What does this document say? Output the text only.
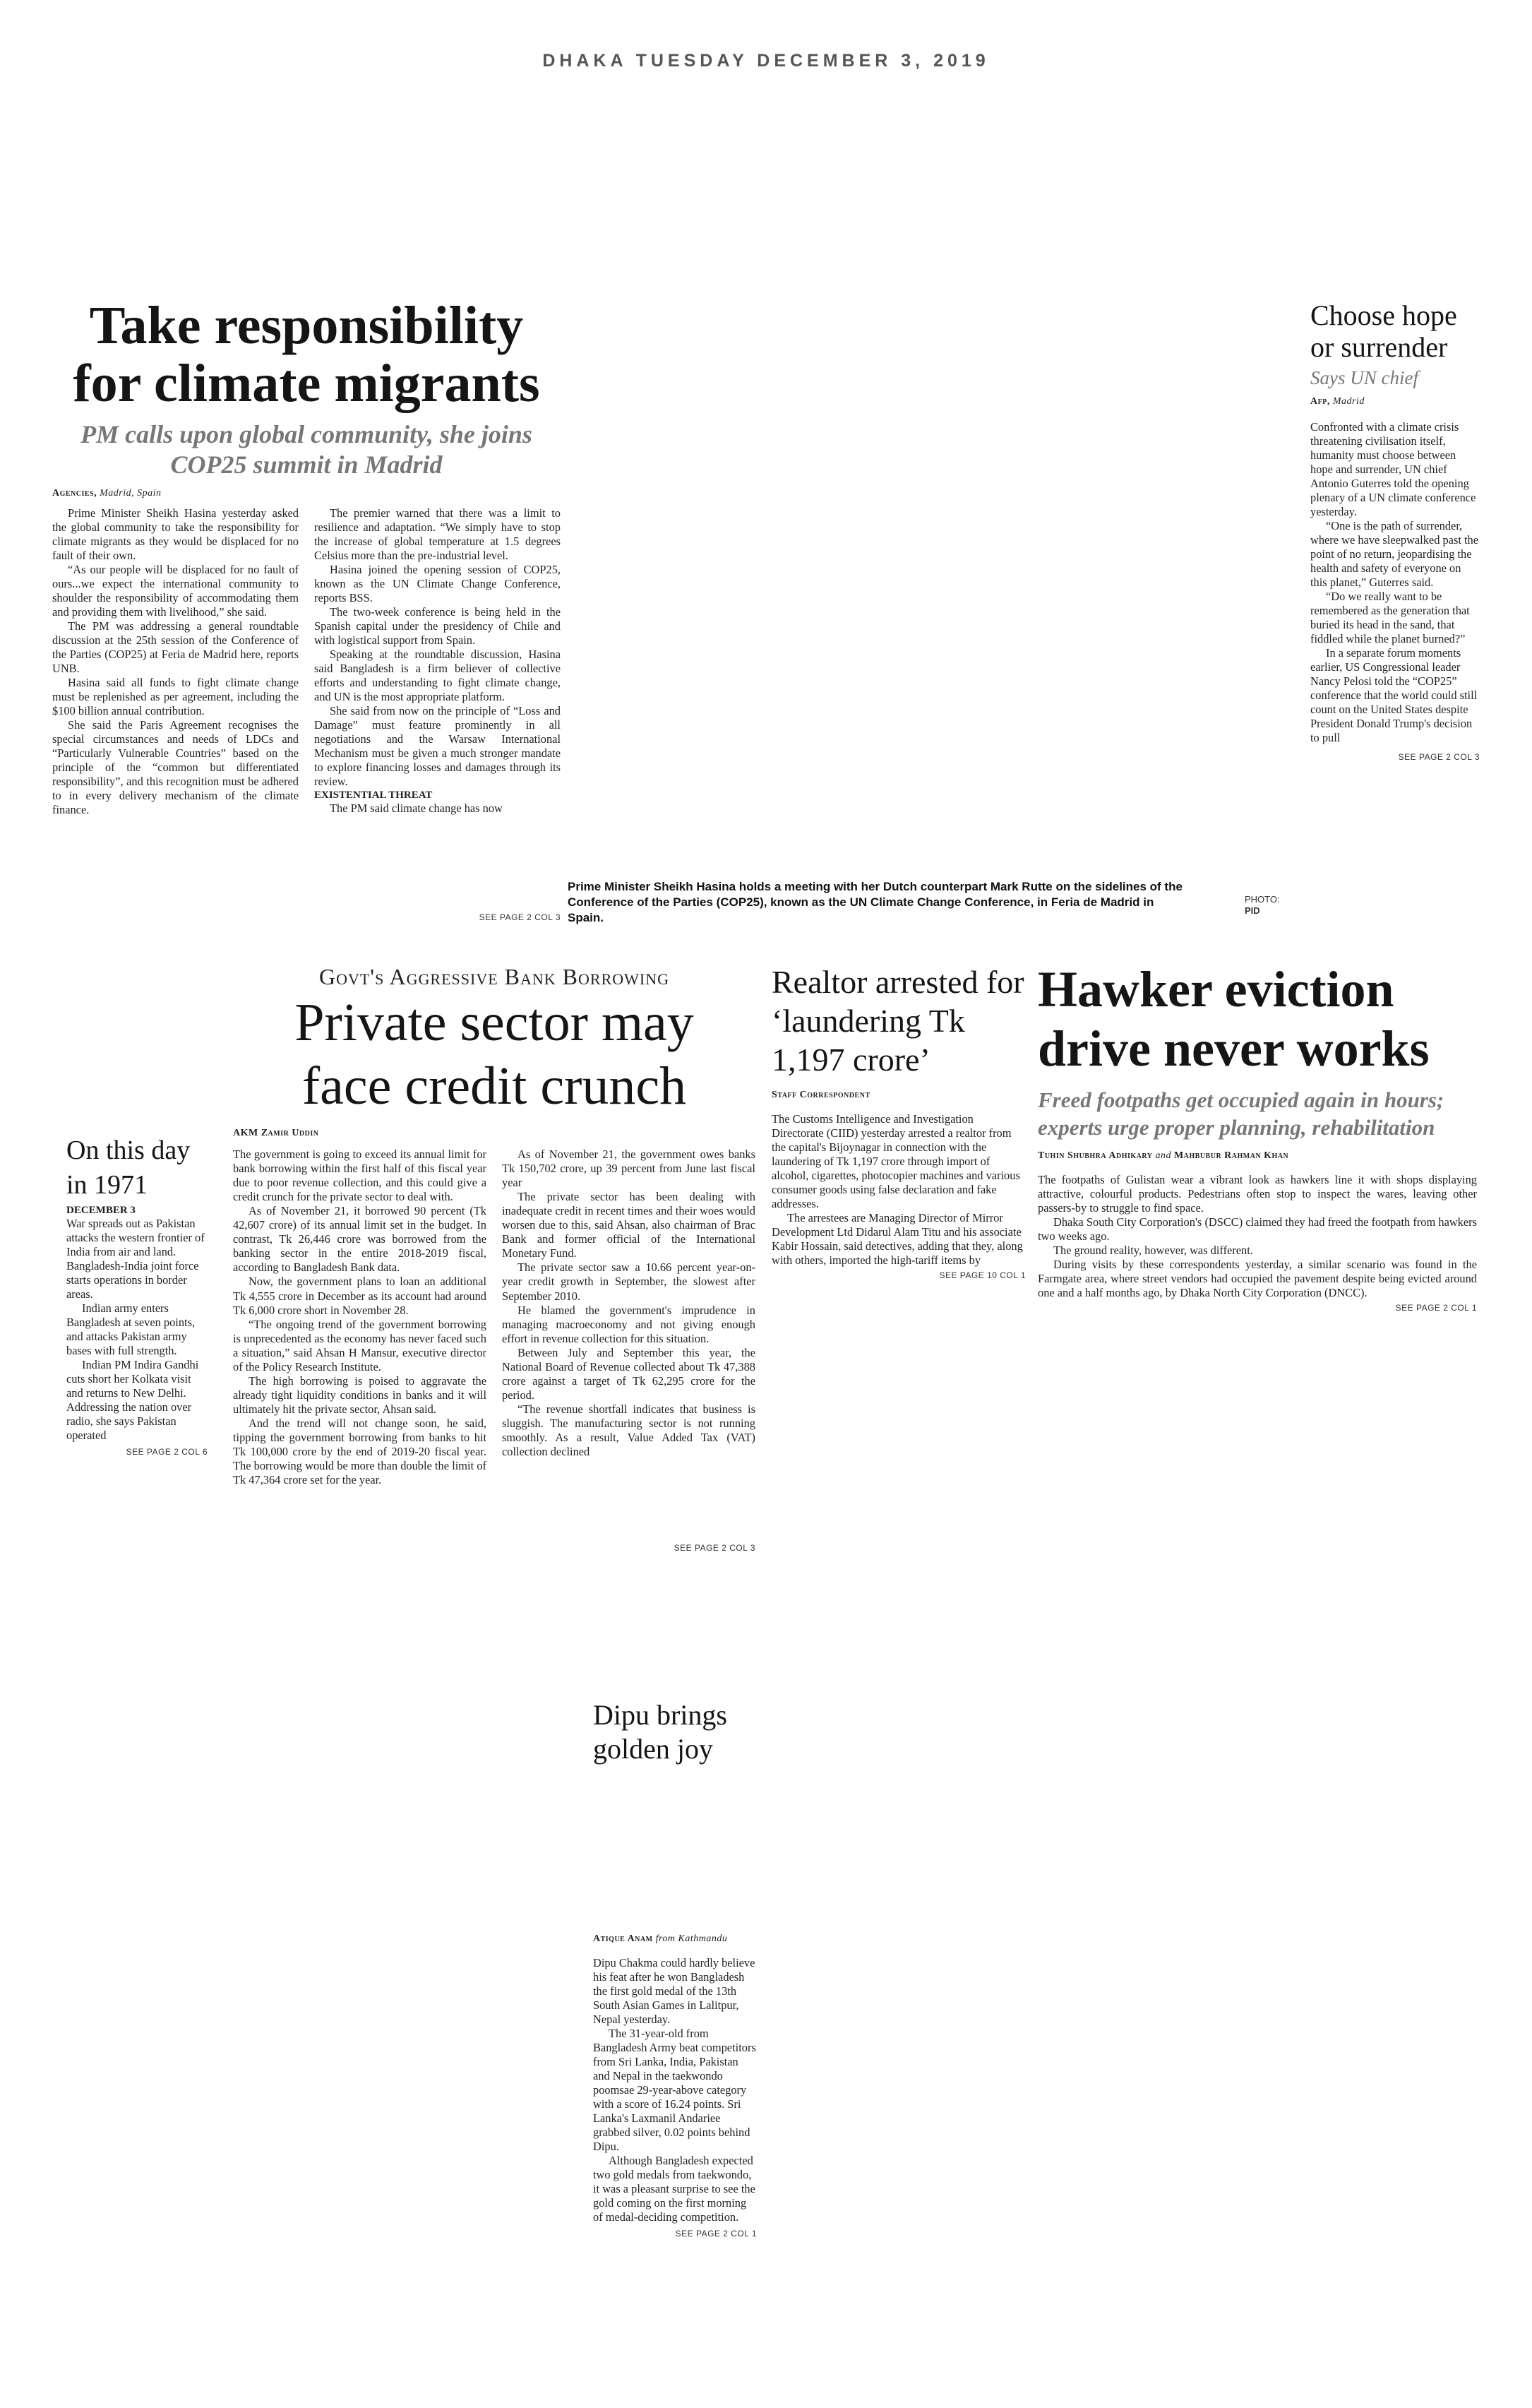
DHAKA TUESDAY DECEMBER 3, 2019
Take responsibility for climate migrants
PM calls upon global community, she joins COP25 summit in Madrid
Agencies, Madrid, Spain

Prime Minister Sheikh Hasina yesterday asked the global community to take the responsibility for climate migrants as they would be displaced for no fault of their own.

“As our people will be displaced for no fault of ours...we expect the international community to shoulder the responsibility of accommodating them and providing them with livelihood,” she said.

The PM was addressing a general roundtable discussion at the 25th session of the Conference of the Parties (COP25) at Feria de Madrid here, reports UNB.

Hasina said all funds to fight climate change must be replenished as per agreement, including the $100 billion annual contribution.

She said the Paris Agreement recognises the special circumstances and needs of LDCs and “Particularly Vulnerable Countries” based on the principle of the “common but differentiated responsibility”, and this recognition must be adhered to in every delivery mechanism of the climate finance.

The premier warned that there was a limit to resilience and adaptation. “We simply have to stop the increase of global temperature at 1.5 degrees Celsius more than the pre-industrial level.

Hasina joined the opening session of COP25, known as the UN Climate Change Conference, reports BSS.

The two-week conference is being held in the Spanish capital under the presidency of Chile and with logistical support from Spain.

Speaking at the roundtable discussion, Hasina said Bangladesh is a firm believer of collective efforts and understanding to fight climate change, and UN is the most appropriate platform.

She said from now on the principle of “Loss and Damage” must feature prominently in all negotiations and the Warsaw International Mechanism must be given a much stronger mandate to explore financing losses and damages through its review.

EXISTENTIAL THREAT

The PM said climate change has now

SEE PAGE 2 COL 3
Prime Minister Sheikh Hasina holds a meeting with her Dutch counterpart Mark Rutte on the sidelines of the Conference of the Parties (COP25), known as the UN Climate Change Conference, in Feria de Madrid in Spain.
PHOTO:
PID
Choose hope or surrender
Says UN chief
Afp, Madrid

Confronted with a climate crisis threatening civilisation itself, humanity must choose between hope and surrender, UN chief Antonio Guterres told the opening plenary of a UN climate conference yesterday.

“One is the path of surrender, where we have sleepwalked past the point of no return, jeopardising the health and safety of everyone on this planet,” Guterres said.

“Do we really want to be remembered as the generation that buried its head in the sand, that fiddled while the planet burned?”

In a separate forum moments earlier, US Congressional leader Nancy Pelosi told the “COP25” conference that the world could still count on the United States despite President Donald Trump's decision to pull

SEE PAGE 2 COL 3
Govt's Aggressive Bank Borrowing
Private sector may face credit crunch
AKM Zamir Uddin

The government is going to exceed its annual limit for bank borrowing within the first half of this fiscal year due to poor revenue collection, and this could give a credit crunch for the private sector to deal with.

As of November 21, it borrowed 90 percent (Tk 42,607 crore) of its annual limit set in the budget. In contrast, Tk 26,446 crore was borrowed from the banking sector in the entire 2018-2019 fiscal, according to Bangladesh Bank data.

Now, the government plans to loan an additional Tk 4,555 crore in December as its account had around Tk 6,000 crore short in November 28.

“The ongoing trend of the government borrowing is unprecedented as the economy has never faced such a situation,” said Ahsan H Mansur, executive director of the Policy Research Institute.

The high borrowing is poised to aggravate the already tight liquidity conditions in banks and it will ultimately hit the private sector, Ahsan said.

And the trend will not change soon, he said, tipping the government borrowing from banks to hit Tk 100,000 crore by the end of 2019-20 fiscal year. The borrowing would be more than double the limit of Tk 47,364 crore set for the year.

As of November 21, the government owes banks Tk 150,702 crore, up 39 percent from June last fiscal year

The private sector has been dealing with inadequate credit in recent times and their woes would worsen due to this, said Ahsan, also chairman of Brac Bank and former official of the International Monetary Fund.

The private sector saw a 10.66 percent year-on-year credit growth in September, the slowest after September 2010.

He blamed the government's imprudence in managing macroeconomy and not giving enough effort in revenue collection for this situation.

Between July and September this year, the National Board of Revenue collected about Tk 47,388 crore against a target of Tk 62,295 crore for the period.

“The revenue shortfall indicates that business is sluggish. The manufacturing sector is not running smoothly. As a result, Value Added Tax (VAT) collection declined

SEE PAGE 2 COL 3
On this day in 1971
DECEMBER 3

War spreads out as Pakistan attacks the western frontier of India from air and land. Bangladesh-India joint force starts operations in border areas.

Indian army enters Bangladesh at seven points, and attacks Pakistan army bases with full strength.

Indian PM Indira Gandhi cuts short her Kolkata visit and returns to New Delhi. Addressing the nation over radio, she says Pakistan operated

SEE PAGE 2 COL 6
Realtor arrested for ‘laundering Tk 1,197 crore’
Staff Correspondent

The Customs Intelligence and Investigation Directorate (CIID) yesterday arrested a realtor from the capital's Bijoynagar in connection with the laundering of Tk 1,197 crore through import of alcohol, cigarettes, photocopier machines and various consumer goods using false declaration and fake addresses.

The arrestees are Managing Director of Mirror Development Ltd Didarul Alam Titu and his associate Kabir Hossain, said detectives, adding that they, along with others, imported the high-tariff items by

SEE PAGE 10 COL 1
Hawker eviction drive never works
Freed footpaths get occupied again in hours; experts urge proper planning, rehabilitation
Tuhin Shubhra Adhikary and Mahbubur Rahman Khan

The footpaths of Gulistan wear a vibrant look as hawkers line it with shops displaying attractive, colourful products. Pedestrians often stop to inspect the wares, leaving other passers-by to struggle to find space.

Dhaka South City Corporation's (DSCC) claimed they had freed the footpath from hawkers two weeks ago.

The ground reality, however, was different.

During visits by these correspondents yesterday, a similar scenario was found in the Farmgate area, where street vendors had occupied the pavement despite being evicted around one and a half months ago, by Dhaka North City Corporation (DNCC).

SEE PAGE 2 COL 1
Dipu brings golden joy
Atique Anam from Kathmandu

Dipu Chakma could hardly believe his feat after he won Bangladesh the first gold medal of the 13th South Asian Games in Lalitpur, Nepal yesterday.

The 31-year-old from Bangladesh Army beat competitors from Sri Lanka, India, Pakistan and Nepal in the taekwondo poomsae 29-year-above category with a score of 16.24 points. Sri Lanka's Laxmanil Andariee grabbed silver, 0.02 points behind Dipu.

Although Bangladesh expected two gold medals from taekwondo, it was a pleasant surprise to see the gold coming on the first morning of medal-deciding competition.

SEE PAGE 2 COL 1
